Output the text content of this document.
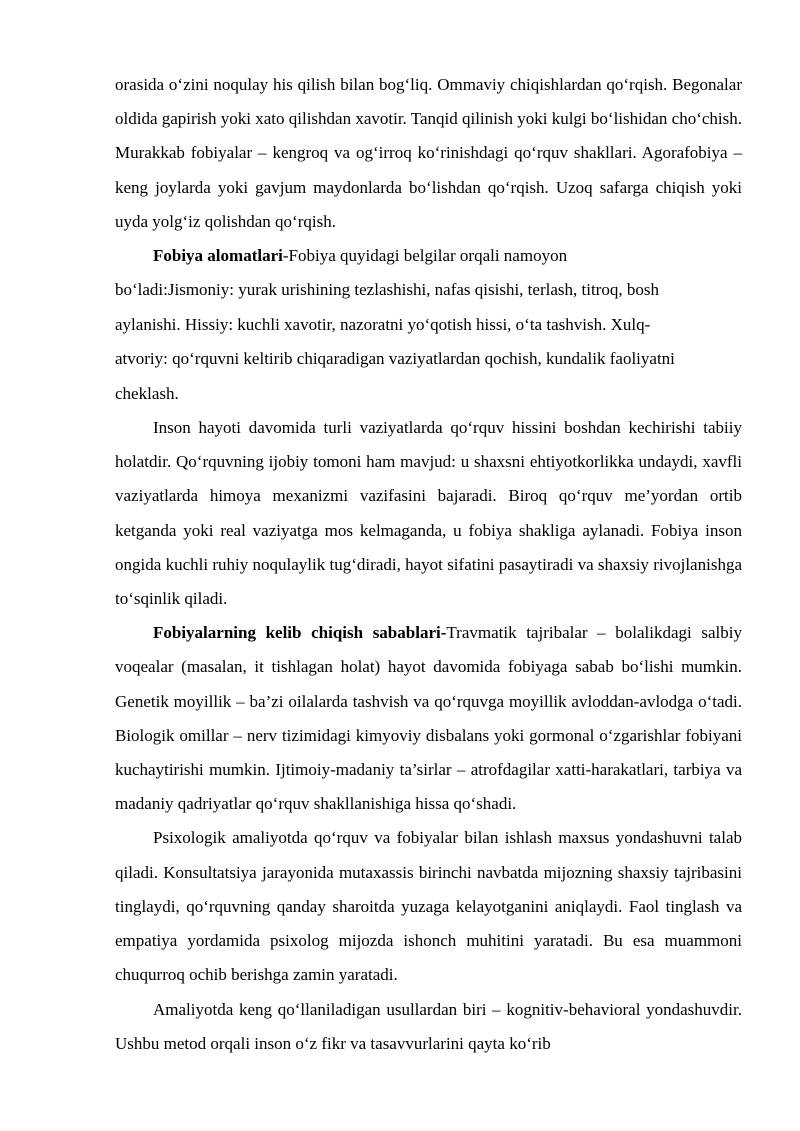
orasida o‘zini noqulay his qilish bilan bog‘liq. Ommaviy chiqishlardan qo‘rqish. Begonalar oldida gapirish yoki xato qilishdan xavotir. Tanqid qilinish yoki kulgi bo‘lishidan cho‘chish. Murakkab fobiyalar – kengroq va og‘irroq ko‘rinishdagi qo‘rquv shakllari. Agorafobiya – keng joylarda yoki gavjum maydonlarda bo‘lishdan qo‘rqish. Uzoq safarga chiqish yoki uyda yolg‘iz qolishdan qo‘rqish.

Fobiya alomatlari-Fobiya quyidagi belgilar orqali namoyon
bo‘ladi:Jismoniy: yurak urishining tezlashishi, nafas qisishi, terlash, titroq, bosh
aylanishi. Hissiy: kuchli xavotir, nazoratni yo‘qotish hissi, o‘ta tashvish. Xulq-
atvoriy: qo‘rquvni keltirib chiqaradigan vaziyatlardan qochish, kundalik faoliyatni
cheklash.

Inson hayoti davomida turli vaziyatlarda qo‘rquv hissini boshdan kechirishi tabiiy holatdir. Qo‘rquvning ijobiy tomoni ham mavjud: u shaxsni ehtiyotkorlikka undaydi, xavfli vaziyatlarda himoya mexanizmi vazifasini bajaradi. Biroq qo‘rquv me’yordan ortib ketganda yoki real vaziyatga mos kelmaganda, u fobiya shakliga aylanadi. Fobiya inson ongida kuchli ruhiy noqulaylik tug‘diradi, hayot sifatini pasaytiradi va shaxsiy rivojlanishga to‘sqinlik qiladi.

Fobiyalarning kelib chiqish sabablari-Travmatik tajribalar – bolalikdagi salbiy voqealar (masalan, it tishlagan holat) hayot davomida fobiyaga sabab bo‘lishi mumkin. Genetik moyillik – ba’zi oilalarda tashvish va qo‘rquvga moyillik avloddan-avlodga o‘tadi. Biologik omillar – nerv tizimidagi kimyoviy disbalans yoki gormonal o‘zgarishlar fobiyani kuchaytirishi mumkin. Ijtimoiy-madaniy ta’sirlar – atrofdagilar xatti-harakatlari, tarbiya va madaniy qadriyatlar qo‘rquv shakllanishiga hissa qo‘shadi.

Psixologik amaliyotda qo‘rquv va fobiyalar bilan ishlash maxsus yondashuvni talab qiladi. Konsultatsiya jarayonida mutaxassis birinchi navbatda mijozning shaxsiy tajribasini tinglaydi, qo‘rquvning qanday sharoitda yuzaga kelayotganini aniqlaydi. Faol tinglash va empatiya yordamida psixolog mijozda ishonch muhitini yaratadi. Bu esa muammoni chuqurroq ochib berishga zamin yaratadi.

Amaliyotda keng qo‘llaniladigan usullardan biri – kognitiv-behavioral yondashuvdir. Ushbu metod orqali inson o‘z fikr va tasavvurlarini qayta ko‘rib
